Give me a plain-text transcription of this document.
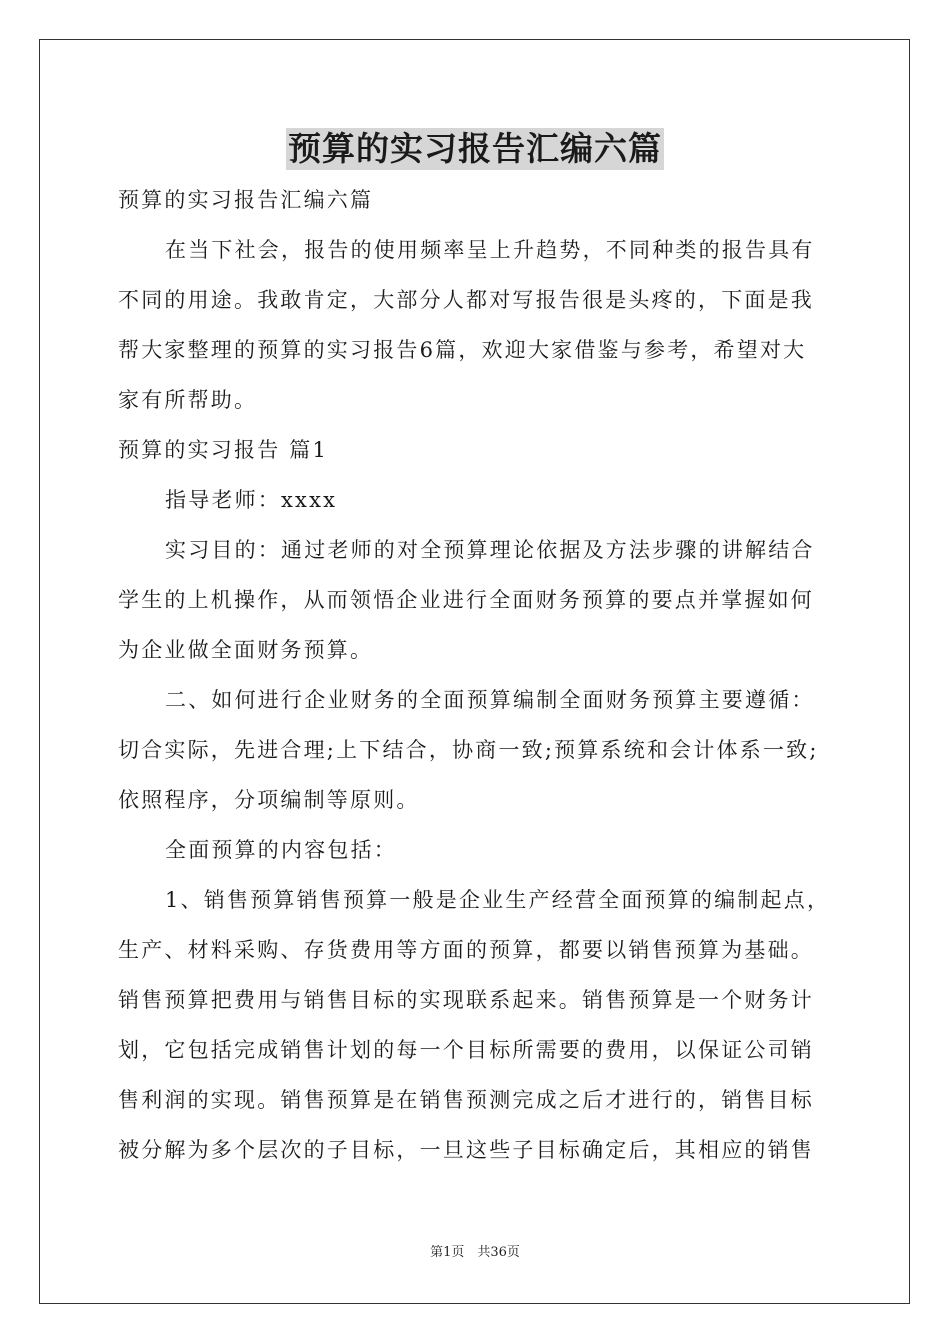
预算的实习报告汇编六篇
预算的实习报告汇编六篇
在当下社会，报告的使用频率呈上升趋势，不同种类的报告具有
不同的用途。我敢肯定，大部分人都对写报告很是头疼的，下面是我
帮大家整理的预算的实习报告6篇，欢迎大家借鉴与参考，希望对大
家有所帮助。
预算的实习报告 篇1
指导老师：xxxx
实习目的：通过老师的对全预算理论依据及方法步骤的讲解结合
学生的上机操作，从而领悟企业进行全面财务预算的要点并掌握如何
为企业做全面财务预算。
二、如何进行企业财务的全面预算编制全面财务预算主要遵循：
切合实际，先进合理;上下结合，协商一致;预算系统和会计体系一致;
依照程序，分项编制等原则。
全面预算的内容包括：
1、销售预算销售预算一般是企业生产经营全面预算的编制起点，
生产、材料采购、存货费用等方面的预算，都要以销售预算为基础。
销售预算把费用与销售目标的实现联系起来。销售预算是一个财务计
划，它包括完成销售计划的每一个目标所需要的费用，以保证公司销
售利润的实现。销售预算是在销售预测完成之后才进行的，销售目标
被分解为多个层次的子目标，一旦这些子目标确定后，其相应的销售
第1页　共36页
